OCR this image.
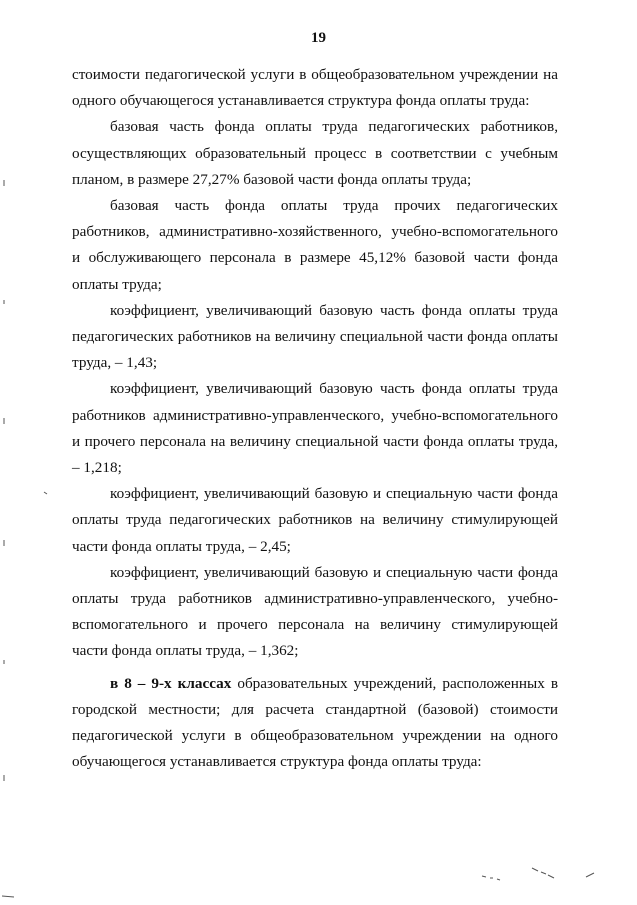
19

стоимости педагогической услуги в общеобразовательном учреждении на одного обучающегося устанавливается структура фонда оплаты труда:

базовая часть фонда оплаты труда педагогических работников, осуществляющих образовательный процесс в соответствии с учебным планом, в размере 27,27% базовой части фонда оплаты труда;

базовая часть фонда оплаты труда прочих педагогических работников, административно-хозяйственного, учебно-вспомогательного и обслуживающего персонала в размере 45,12% базовой части фонда оплаты труда;

коэффициент, увеличивающий базовую часть фонда оплаты труда педагогических работников на величину специальной части фонда оплаты труда, – 1,43;

коэффициент, увеличивающий базовую часть фонда оплаты труда работников административно-управленческого, учебно-вспомогательного и прочего персонала на величину специальной части фонда оплаты труда, – 1,218;

коэффициент, увеличивающий базовую и специальную части фонда оплаты труда педагогических работников на величину стимулирующей части фонда оплаты труда, – 2,45;

коэффициент, увеличивающий базовую и специальную части фонда оплаты труда работников административно-управленческого, учебно-вспомогательного и прочего персонала на величину стимулирующей части фонда оплаты труда, – 1,362;

в 8 – 9-х классах образовательных учреждений, расположенных в городской местности; для расчета стандартной (базовой) стоимости педагогической услуги в общеобразовательном учреждении на одного обучающегося устанавливается структура фонда оплаты труда:
